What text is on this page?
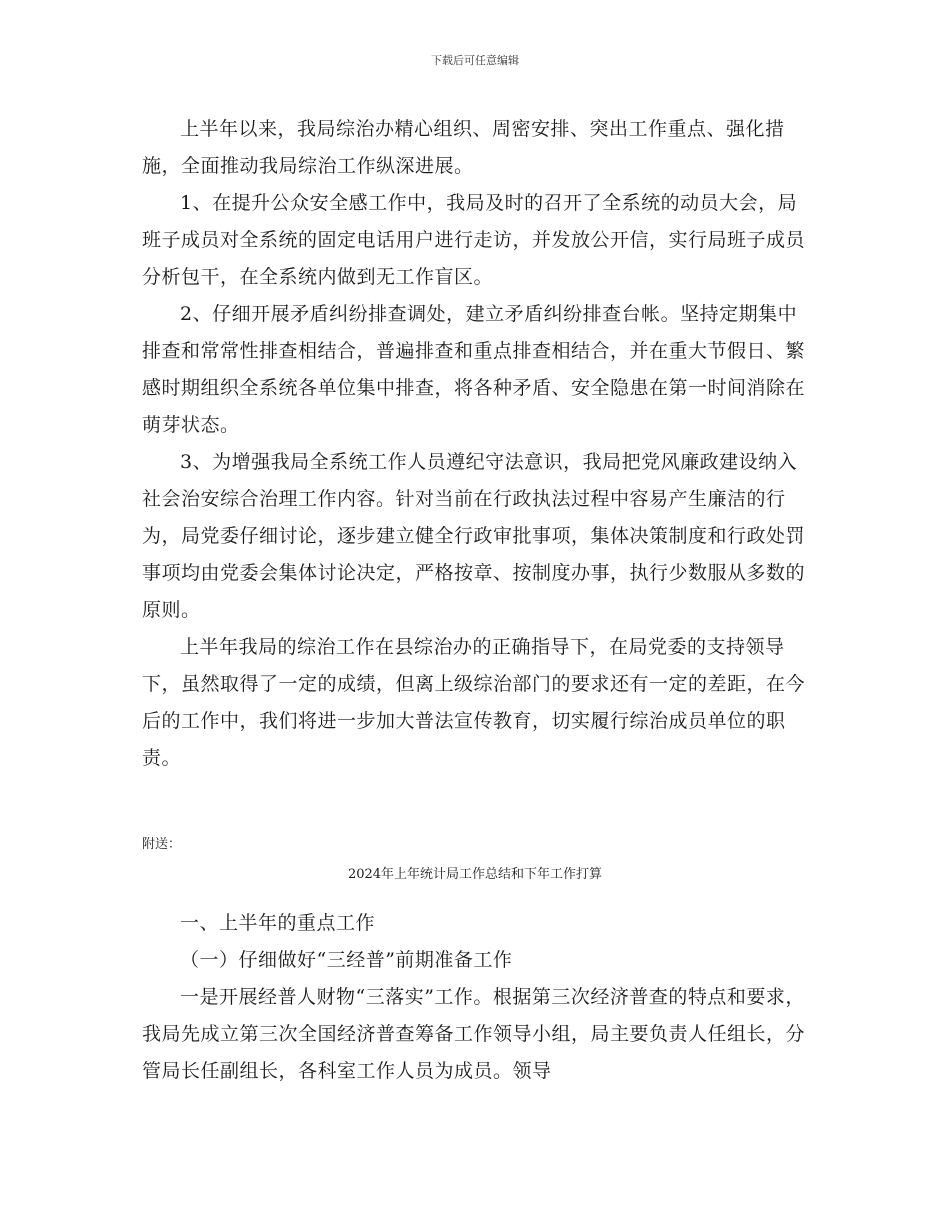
下载后可任意编辑

上半年以来，我局综治办精心组织、周密安排、突出工作重点、强化措施，全面推动我局综治工作纵深进展。

1、在提升公众安全感工作中，我局及时的召开了全系统的动员大会，局班子成员对全系统的固定电话用户进行走访，并发放公开信，实行局班子成员分析包干，在全系统内做到无工作盲区。

2、仔细开展矛盾纠纷排查调处，建立矛盾纠纷排查台帐。坚持定期集中排查和常常性排查相结合，普遍排查和重点排查相结合，并在重大节假日、繁感时期组织全系统各单位集中排查，将各种矛盾、安全隐患在第一时间消除在萌芽状态。

3、为增强我局全系统工作人员遵纪守法意识，我局把党风廉政建设纳入社会治安综合治理工作内容。针对当前在行政执法过程中容易产生廉洁的行为，局党委仔细讨论，逐步建立健全行政审批事项，集体决策制度和行政处罚事项均由党委会集体讨论决定，严格按章、按制度办事，执行少数服从多数的原则。

上半年我局的综治工作在县综治办的正确指导下，在局党委的支持领导下，虽然取得了一定的成绩，但离上级综治部门的要求还有一定的差距，在今后的工作中，我们将进一步加大普法宣传教育，切实履行综治成员单位的职责。

附送：
2024年上年统计局工作总结和下年工作打算

一、上半年的重点工作

（一）仔细做好“三经普”前期准备工作

一是开展经普人财物“三落实”工作。根据第三次经济普查的特点和要求，我局先成立第三次全国经济普查筹备工作领导小组，局主要负责人任组长，分管局长任副组长，各科室工作人员为成员。领导
